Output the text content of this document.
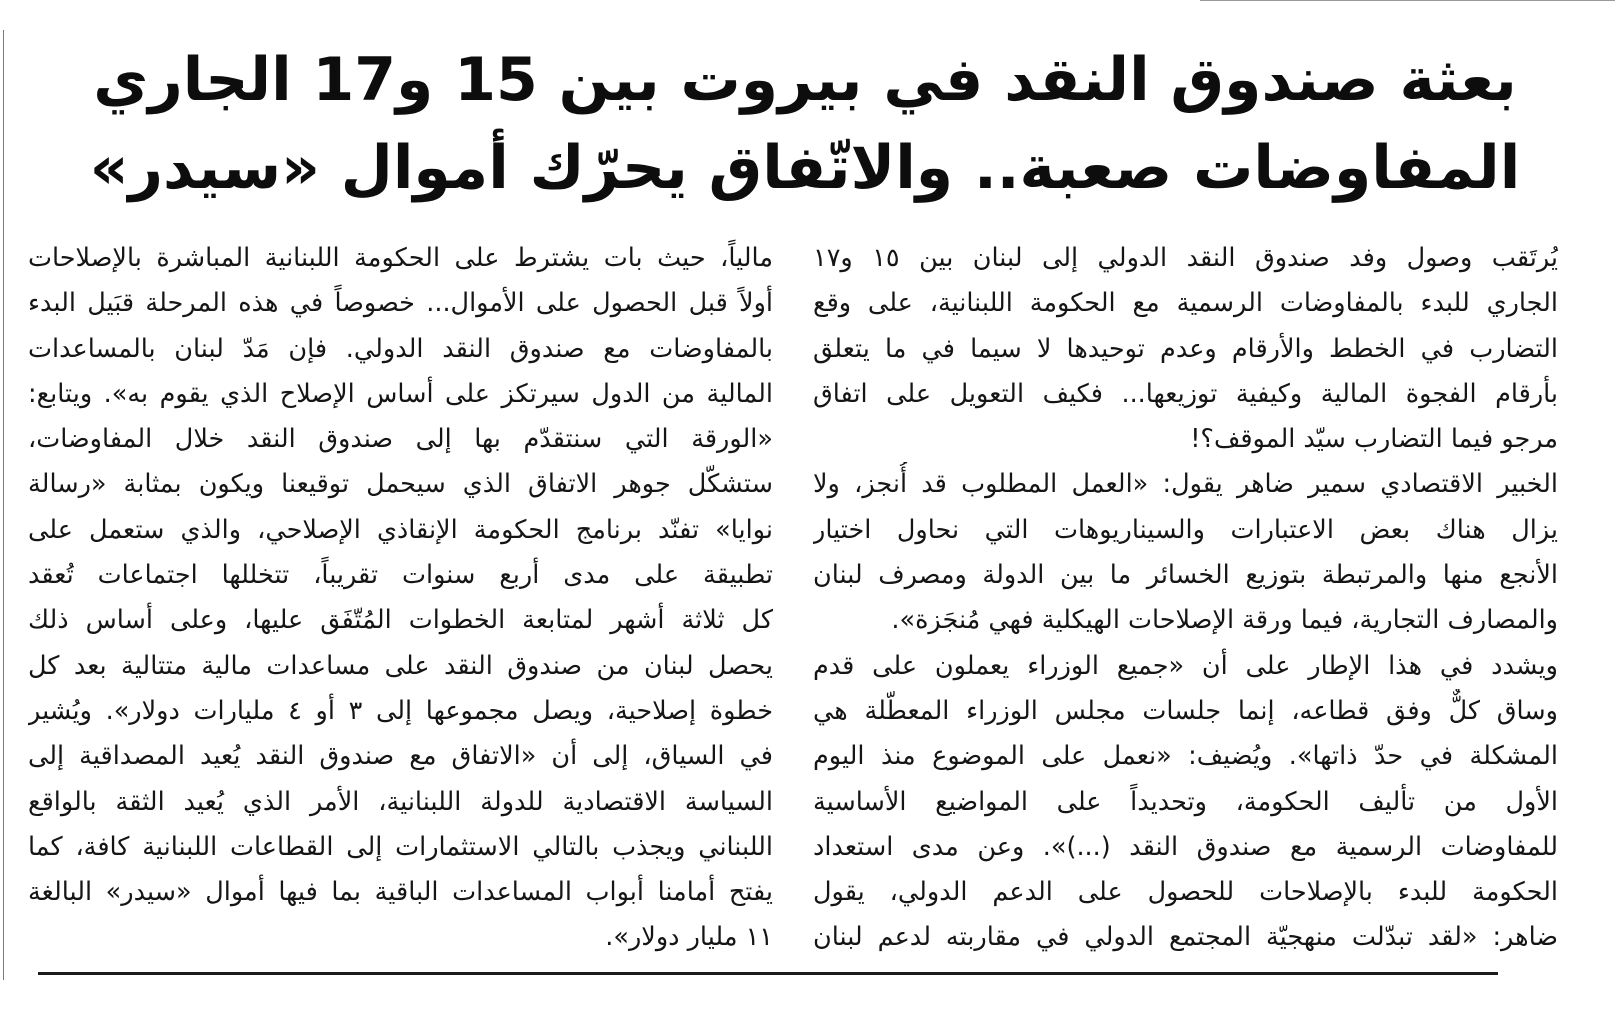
بعثة صندوق النقد في بيروت بين 15 و17 الجاري
المفاوضات صعبة.. والاتّفاق يحرّك أموال «سيدر»
يُرتَقب وصول وفد صندوق النقد الدولي إلى لبنان بين ١٥ و١٧
الجاري للبدء بالمفاوضات الرسمية مع الحكومة اللبنانية، على وقع
التضارب في الخطط والأرقام وعدم توحيدها لا سيما في ما يتعلق
بأرقام الفجوة المالية وكيفية توزيعها... فكيف التعويل على اتفاق
مرجو فيما التضارب سيّد الموقف؟!
الخبير الاقتصادي سمير ضاهر يقول: «العمل المطلوب قد أُنجز، ولا
يزال هناك بعض الاعتبارات والسيناريوهات التي نحاول اختيار
الأنجع منها والمرتبطة بتوزيع الخسائر ما بين الدولة ومصرف لبنان
والمصارف التجارية، فيما ورقة الإصلاحات الهيكلية فهي مُنجَزة».
ويشدد في هذا الإطار على أن «جميع الوزراء يعملون على قدم
وساق كلٌّ وفق قطاعه، إنما جلسات مجلس الوزراء المعطّلة هي
المشكلة في حدّ ذاتها». ويُضيف: «نعمل على الموضوع منذ اليوم
الأول من تأليف الحكومة، وتحديداً على المواضيع الأساسية
للمفاوضات الرسمية مع صندوق النقد (...)». وعن مدى استعداد
الحكومة للبدء بالإصلاحات للحصول على الدعم الدولي، يقول
ضاهر: «لقد تبدّلت منهجيّة المجتمع الدولي في مقاربته لدعم لبنان
مالياً، حيث بات يشترط على الحكومة اللبنانية المباشرة بالإصلاحات
أولاً قبل الحصول على الأموال... خصوصاً في هذه المرحلة قبَيل البدء
بالمفاوضات مع صندوق النقد الدولي. فإن مَدّ لبنان بالمساعدات
المالية من الدول سيرتكز على أساس الإصلاح الذي يقوم به». ويتابع:
«الورقة التي سنتقدّم بها إلى صندوق النقد خلال المفاوضات،
ستشكّل جوهر الاتفاق الذي سيحمل توقيعنا ويكون بمثابة «رسالة
نوايا» تفنّد برنامج الحكومة الإنقاذي الإصلاحي، والذي ستعمل على
تطبيقة على مدى أربع سنوات تقريباً، تتخللها اجتماعات تُعقد
كل ثلاثة أشهر لمتابعة الخطوات المُتّفَق عليها، وعلى أساس ذلك
يحصل لبنان من صندوق النقد على مساعدات مالية متتالية بعد كل
خطوة إصلاحية، ويصل مجموعها إلى ٣ أو ٤ مليارات دولار». ويُشير
في السياق، إلى أن «الاتفاق مع صندوق النقد يُعيد المصداقية إلى
السياسة الاقتصادية للدولة اللبنانية، الأمر الذي يُعيد الثقة بالواقع
اللبناني ويجذب بالتالي الاستثمارات إلى القطاعات اللبنانية كافة، كما
يفتح أمامنا أبواب المساعدات الباقية بما فيها أموال «سيدر» البالغة
١١ مليار دولار».
